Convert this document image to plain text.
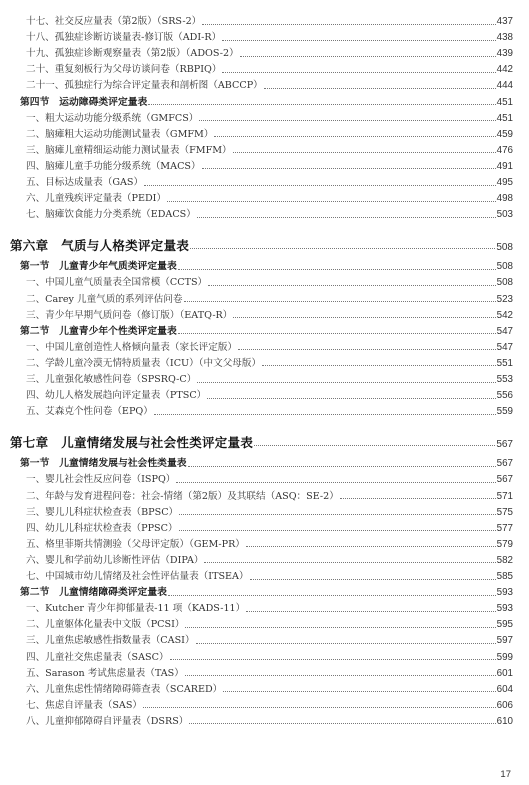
十七、社交反应量表（第2版）（SRS-2）	437
十八、孤独症诊断访谈量表-修订版（ADI-R）	438
十九、孤独症诊断观察量表（第2版）（ADOS-2）	439
二十、重复刻板行为父母访谈问卷（RBPIQ）	442
二十一、孤独症行为综合评定量表和剖析图（ABCCP）	444
第四节　运动障碍类评定量表	451
一、粗大运动功能分级系统（GMFCS）	451
二、脑瘫粗大运动功能测试量表（GMFM）	459
三、脑瘫儿童精细运动能力测试量表（FMFM）	476
四、脑瘫儿童手功能分级系统（MACS）	491
五、目标达成量表（GAS）	495
六、儿童残疾评定量表（PEDI）	498
七、脑瘫饮食能力分类系统（EDACS）	503
第六章　气质与人格类评定量表	508
第一节　儿童青少年气质类评定量表	508
一、中国儿童气质量表全国常模（CCTS）	508
二、Carey 儿童气质的系列评估问卷	523
三、青少年早期气质问卷（修订版）（EATQ-R）	542
第二节　儿童青少年个性类评定量表	547
一、中国儿童创造性人格倾向量表（家长评定版）	547
二、学龄儿童冷漠无情特质量表（ICU）（中文父母版）	551
三、儿童强化敏感性问卷（SPSRQ-C）	553
四、幼儿人格发展趋向评定量表（PTSC）	556
五、艾森克个性问卷（EPQ）	559
第七章　儿童情绪发展与社会性类评定量表	567
第一节　儿童情绪发展与社会性类量表	567
一、婴儿社会性反应问卷（ISPQ）	567
二、年龄与发育进程问卷：社会-情绪（第2版）及其联结（ASQ：SE-2）	571
三、婴儿儿科症状检查表（BPSC）	575
四、幼儿儿科症状检查表（PPSC）	577
五、格里菲斯共情测验（父母评定版）（GEM-PR）	579
六、婴儿和学前幼儿诊断性评估（DIPA）	582
七、中国城市幼儿情绪及社会性评估量表（ITSEA）	585
第二节　儿童情绪障碍类评定量表	593
一、Kutcher 青少年抑郁量表-11 项（KADS-11）	593
二、儿童躯体化量表中文版（PCSI）	595
三、儿童焦虑敏感性指数量表（CASI）	597
四、儿童社交焦虑量表（SASC）	599
五、Sarason 考试焦虑量表（TAS）	601
六、儿童焦虑性情绪障碍筛查表（SCARED）	604
七、焦虑自评量表（SAS）	606
八、儿童抑郁障碍自评量表（DSRS）	610
17
